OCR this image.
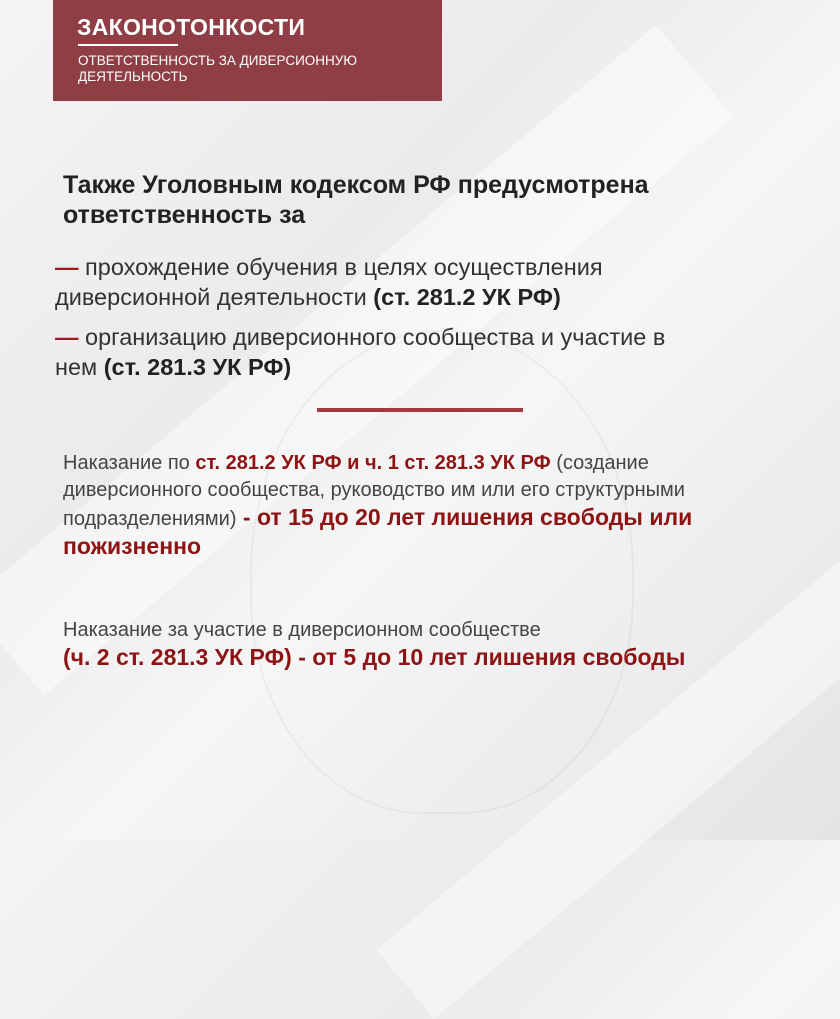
ЗАКОНОТОНКОСТИ
ОТВЕТСТВЕННОСТЬ ЗА ДИВЕРСИОННУЮ ДЕЯТЕЛЬНОСТЬ
Также Уголовным кодексом РФ предусмотрена ответственность за
— прохождение обучения в целях осуществления диверсионной деятельности (ст. 281.2 УК РФ)
— организацию диверсионного сообщества и участие в нем (ст. 281.3 УК РФ)
Наказание по ст. 281.2 УК РФ и ч. 1 ст. 281.3 УК РФ (создание диверсионного сообщества, руководство им или его структурными подразделениями) - от 15 до 20 лет лишения свободы или пожизненно
Наказание за участие в диверсионном сообществе
(ч. 2 ст. 281.3 УК РФ) - от 5 до 10 лет лишения свободы
